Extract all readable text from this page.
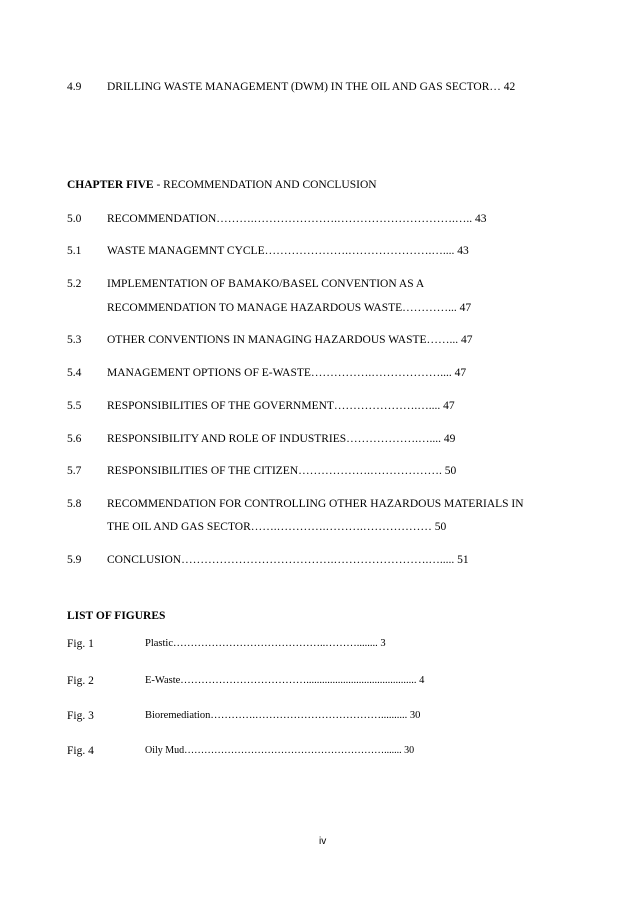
4.9 DRILLING WASTE MANAGEMENT (DWM) IN THE OIL AND GAS SECTOR… 42
CHAPTER FIVE - RECOMMENDATION AND CONCLUSION
5.0 RECOMMENDATION……….………………….………………………….….. 43
5.1 WASTE MANAGEMNT CYCLE………………….………………….….... 43
5.2 IMPLEMENTATION OF BAMAKO/BASEL CONVENTION AS A
RECOMMENDATION TO MANAGE HAZARDOUS WASTE…………... 47
5.3 OTHER CONVENTIONS IN MANAGING HAZARDOUS WASTE……... 47
5.4 MANAGEMENT OPTIONS OF E-WASTE…………….……………….... 47
5.5 RESPONSIBILITIES OF THE GOVERNMENT………………….….... 47
5.6 RESPONSIBILITY AND ROLE OF INDUSTRIES……………….….... 49
5.7 RESPONSIBILITIES OF THE CITIZEN……………….………………. 50
5.8 RECOMMENDATION FOR CONTROLLING OTHER HAZARDOUS MATERIALS IN
THE OIL AND GAS SECTOR…….………….……….……………… 50
5.9 CONCLUSION………………………………….…………………….…..... 51
LIST OF FIGURES
Fig. 1	Plastic……………………………………..………........ 3
Fig. 2	E-Waste……………………………….......................................... 4
Fig. 3	Bioremediation………….……………………………….......... 30
Fig. 4	Oily Mud……………………………………………………....... 30
iv
